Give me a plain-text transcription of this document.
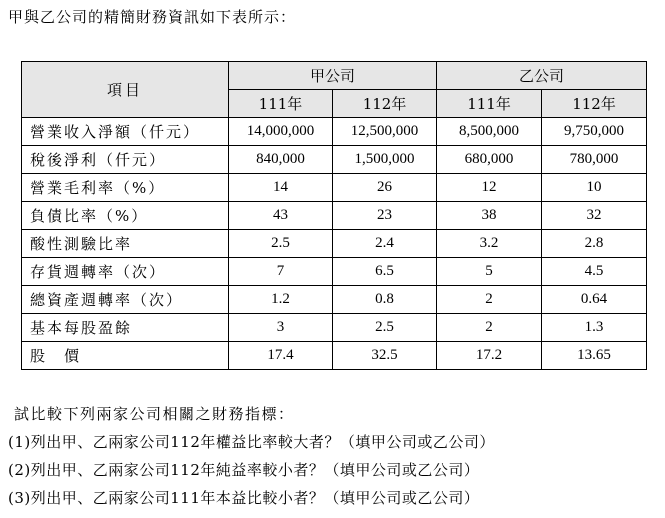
甲與乙公司的精簡財務資訊如下表所示：
項目	甲公司		乙公司	
	111年	112年	111年	112年
營業收入淨額（仟元）	14,000,000	12,500,000	8,500,000	9,750,000
稅後淨利（仟元）	840,000	1,500,000	680,000	780,000
營業毛利率（%）	14	26	12	10
負債比率（%）	43	23	38	32
酸性測驗比率	2.5	2.4	3.2	2.8
存貨週轉率（次）	7	6.5	5	4.5
總資產週轉率（次）	1.2	0.8	2	0.64
基本每股盈餘	3	2.5	2	1.3
股　價	17.4	32.5	17.2	13.65
試比較下列兩家公司相關之財務指標：
(1)列出甲、乙兩家公司112年權益比率較大者？（填甲公司或乙公司）
(2)列出甲、乙兩家公司112年純益率較小者？（填甲公司或乙公司）
(3)列出甲、乙兩家公司111年本益比較小者？（填甲公司或乙公司）
